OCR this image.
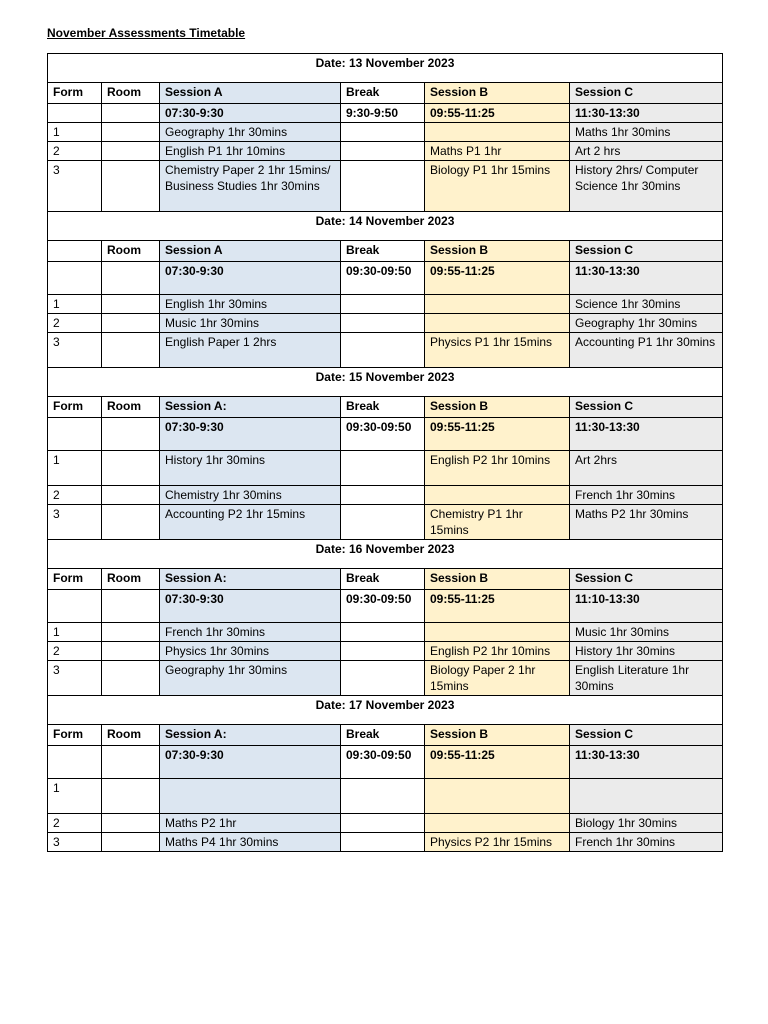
November Assessments Timetable
Date: 13 November 2023					
Form	Room	Session A	Break	Session B	Session C
		07:30-9:30	9:30-9:50	09:55-11:25	11:30-13:30
1		Geography 1hr 30mins			Maths 1hr 30mins
2		English P1 1hr 10mins		Maths P1 1hr	Art 2 hrs
3		Chemistry Paper 2 1hr 15mins/ Business Studies 1hr 30mins		Biology P1 1hr 15mins	History 2hrs/ Computer Science 1hr 30mins
Date: 14 November 2023					
	Room	Session A	Break	Session B	Session C
		07:30-9:30	09:30-09:50	09:55-11:25	11:30-13:30
1		English 1hr 30mins			Science 1hr 30mins
2		Music 1hr 30mins			Geography 1hr 30mins
3		English Paper 1 2hrs		Physics P1 1hr 15mins	Accounting P1 1hr 30mins
Date: 15 November 2023					
Form	Room	Session A:	Break	Session B	Session C
		07:30-9:30	09:30-09:50	09:55-11:25	11:30-13:30
1		History 1hr 30mins		English P2 1hr 10mins	Art 2hrs
2		Chemistry 1hr 30mins			French 1hr 30mins
3		Accounting P2 1hr 15mins		Chemistry P1 1hr 15mins	Maths P2 1hr 30mins
Date: 16 November 2023					
Form	Room	Session A:	Break	Session B	Session C
		07:30-9:30	09:30-09:50	09:55-11:25	11:10-13:30
1		French 1hr 30mins			Music 1hr 30mins
2		Physics 1hr 30mins		English P2 1hr 10mins	History 1hr 30mins
3		Geography 1hr 30mins		Biology Paper 2 1hr 15mins	English Literature 1hr 30mins
Date: 17 November 2023					
Form	Room	Session A:	Break	Session B	Session C
		07:30-9:30	09:30-09:50	09:55-11:25	11:30-13:30
1					
2		Maths P2 1hr			Biology 1hr 30mins
3		Maths P4 1hr 30mins		Physics P2 1hr 15mins	French 1hr 30mins
